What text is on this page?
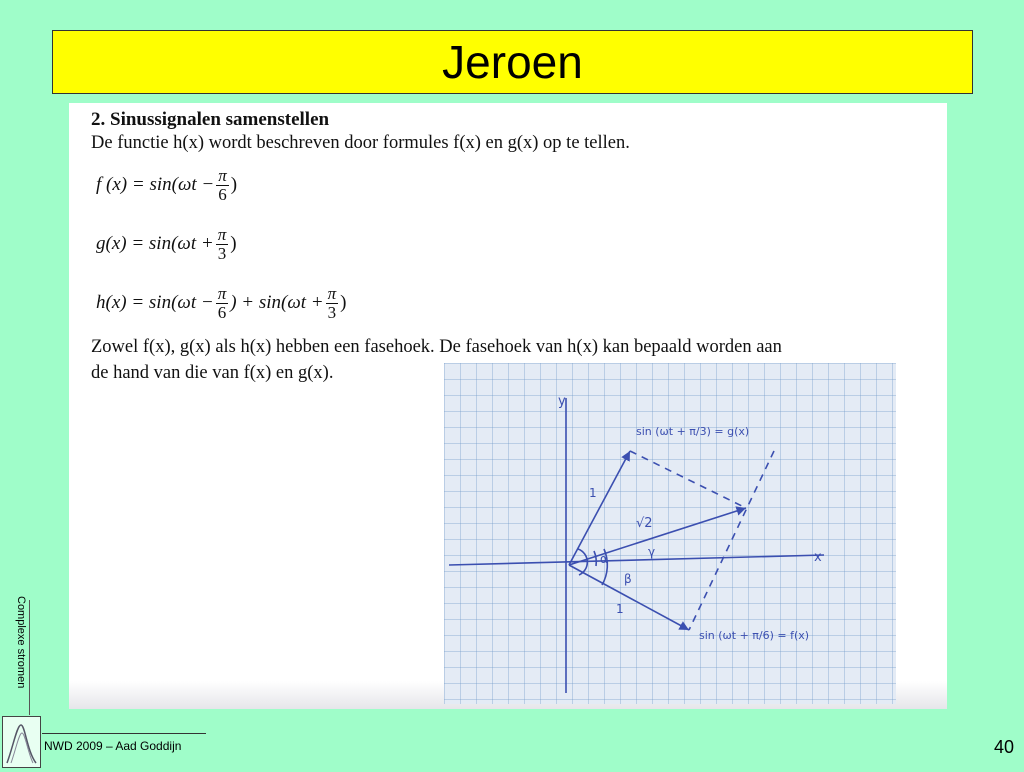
Jeroen
2. Sinussignalen samenstellen
De functie h(x) wordt beschreven door formules f(x) en g(x) op te tellen.
f $(x) = \sin(\omega t - \frac{\pi}{6}$ )
$g(x) = \sin(\omega t + \frac{\pi}{3}$ )
$h(x) = \sin(\omega t - \frac{\pi}{6}$ ) + $\sin(\omega t + \frac{\pi}{3}$ )
Zowel f(x), g(x) als h(x) hebben een fasehoek. De fasehoek van h(x) kan bepaald worden aan
de hand van die van f(x) en g(x).
y
x
sin (ωt + π/3) = g(x)
sin (ωt + π/6) = f(x)
1
1
√2
α
β
γ
Complexe stromen
NWD 2009 – Aad Goddijn	40
